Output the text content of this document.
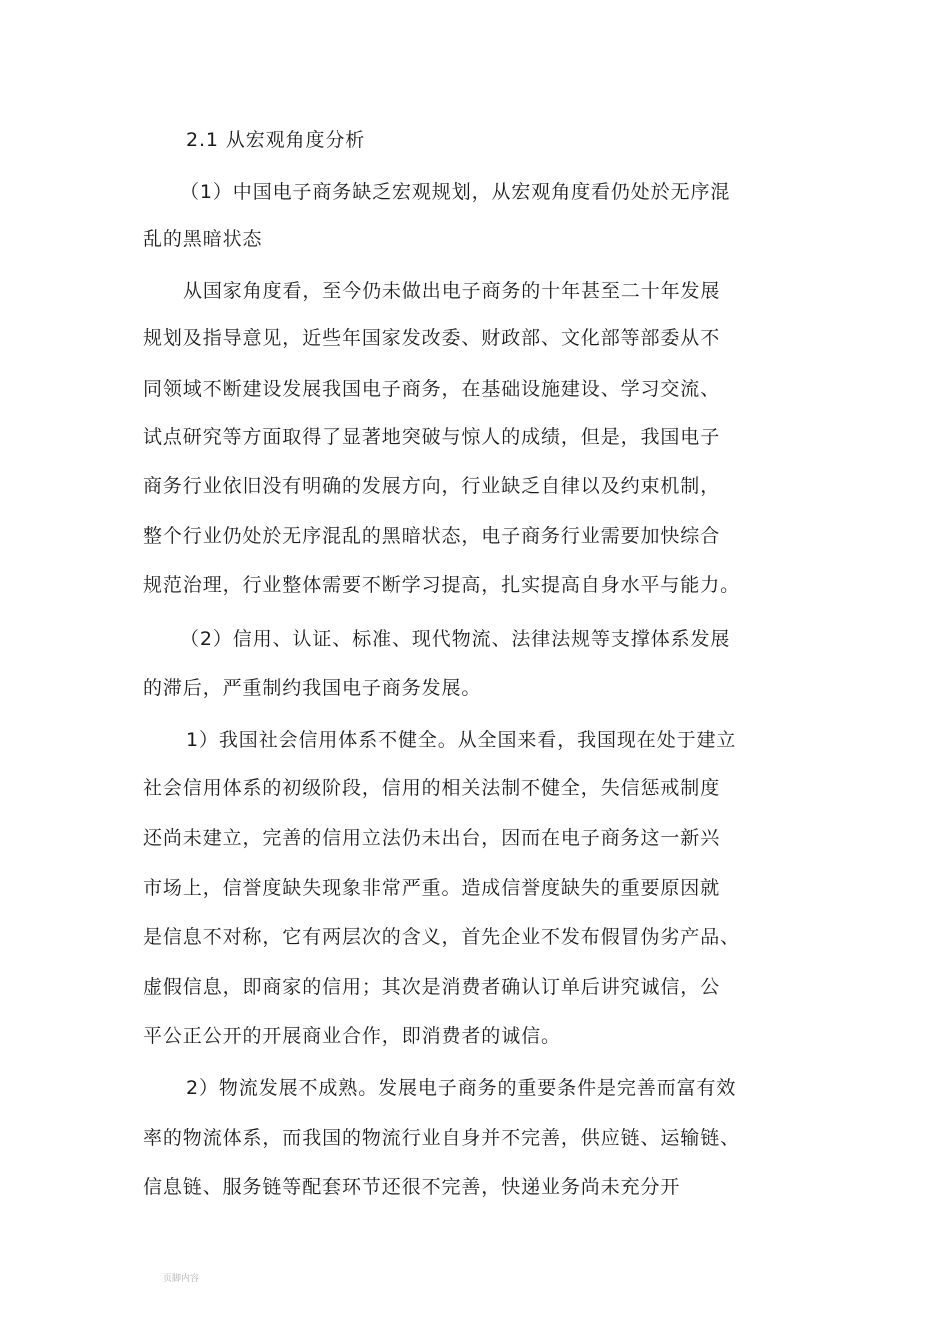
2.1 从宏观角度分析
（1）中国电子商务缺乏宏观规划，从宏观角度看仍处於无序混
乱的黑暗状态
从国家角度看，至今仍未做出电子商务的十年甚至二十年发展
规划及指导意见，近些年国家发改委、财政部、文化部等部委从不
同领域不断建设发展我国电子商务，在基础设施建设、学习交流、
试点研究等方面取得了显著地突破与惊人的成绩，但是，我国电子
商务行业依旧没有明确的发展方向，行业缺乏自律以及约束机制，
整个行业仍处於无序混乱的黑暗状态，电子商务行业需要加快综合
规范治理，行业整体需要不断学习提高，扎实提高自身水平与能力。
（2）信用、认证、标准、现代物流、法律法规等支撑体系发展
的滞后，严重制约我国电子商务发展。
1）我国社会信用体系不健全。从全国来看，我国现在处于建立
社会信用体系的初级阶段，信用的相关法制不健全，失信惩戒制度
还尚未建立，完善的信用立法仍未出台，因而在电子商务这一新兴
市场上，信誉度缺失现象非常严重。造成信誉度缺失的重要原因就
是信息不对称，它有两层次的含义，首先企业不发布假冒伪劣产品、
虚假信息，即商家的信用；其次是消费者确认订单后讲究诚信，公
平公正公开的开展商业合作，即消费者的诚信。
2）物流发展不成熟。发展电子商务的重要条件是完善而富有效
率的物流体系，而我国的物流行业自身并不完善，供应链、运输链、
信息链、服务链等配套环节还很不完善，快递业务尚未充分开
页脚内容
